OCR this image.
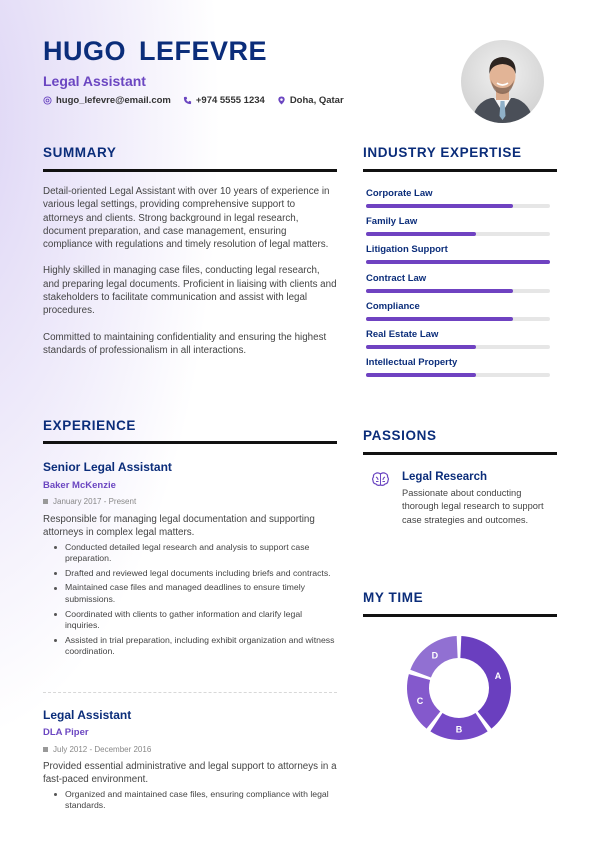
HUGO LEFEVRE
Legal Assistant
hugo_lefevre@email.com	+974 5555 1234	Doha, Qatar
SUMMARY

Detail-oriented Legal Assistant with over 10 years of experience in various legal settings, providing comprehensive support to attorneys and clients. Strong background in legal research, document preparation, and case management, ensuring compliance with regulations and timely resolution of legal matters.

Highly skilled in managing case files, conducting legal research, and preparing legal documents. Proficient in liaising with clients and stakeholders to facilitate communication and assist with legal procedures.

Committed to maintaining confidentiality and ensuring the highest standards of professionalism in all interactions.

INDUSTRY EXPERTISE
Corporate Law
Family Law
Litigation Support
Contract Law
Compliance
Real Estate Law
Intellectual Property
EXPERIENCE
Senior Legal Assistant
Baker McKenzie
January 2017 - Present

Responsible for managing legal documentation and supporting attorneys in complex legal matters.

Conducted detailed legal research and analysis to support case preparation.
Drafted and reviewed legal documents including briefs and contracts.
Maintained case files and managed deadlines to ensure timely submissions.
Coordinated with clients to gather information and clarify legal inquiries.
Assisted in trial preparation, including exhibit organization and witness coordination.
Legal Assistant
DLA Piper
July 2012 - December 2016

Provided essential administrative and legal support to attorneys in a fast-paced environment.

Organized and maintained case files, ensuring compliance with legal standards.
PASSIONS
Legal Research

Passionate about conducting thorough legal research to support case strategies and outcomes.

MY TIME
A
B
C
D
